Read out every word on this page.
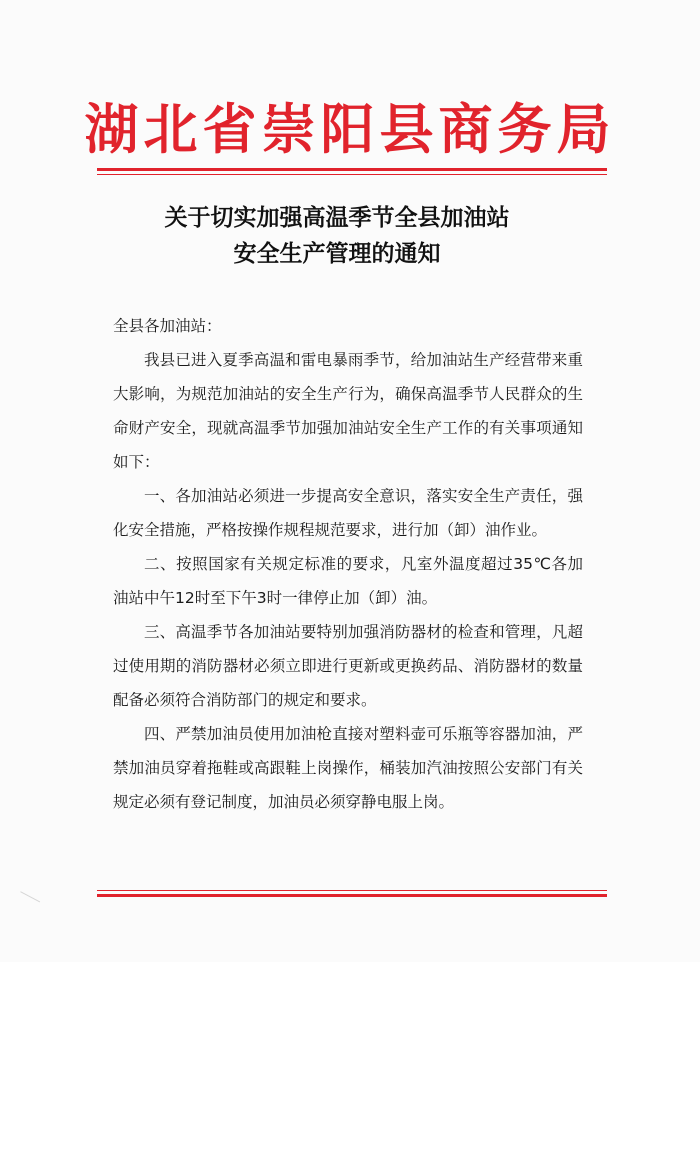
湖北省崇阳县商务局
关于切实加强高温季节全县加油站
安全生产管理的通知

全县各加油站：

我县已进入夏季高温和雷电暴雨季节，给加油站生产经营带来重大影响，为规范加油站的安全生产行为，确保高温季节人民群众的生命财产安全，现就高温季节加强加油站安全生产工作的有关事项通知如下：

一、各加油站必须进一步提高安全意识，落实安全生产责任，强化安全措施，严格按操作规程规范要求，进行加（卸）油作业。

二、按照国家有关规定标准的要求，凡室外温度超过35℃各加油站中午12时至下午3时一律停止加（卸）油。

三、高温季节各加油站要特别加强消防器材的检查和管理，凡超过使用期的消防器材必须立即进行更新或更换药品、消防器材的数量配备必须符合消防部门的规定和要求。

四、严禁加油员使用加油枪直接对塑料壶可乐瓶等容器加油，严禁加油员穿着拖鞋或高跟鞋上岗操作，桶装加汽油按照公安部门有关规定必须有登记制度，加油员必须穿静电服上岗。
